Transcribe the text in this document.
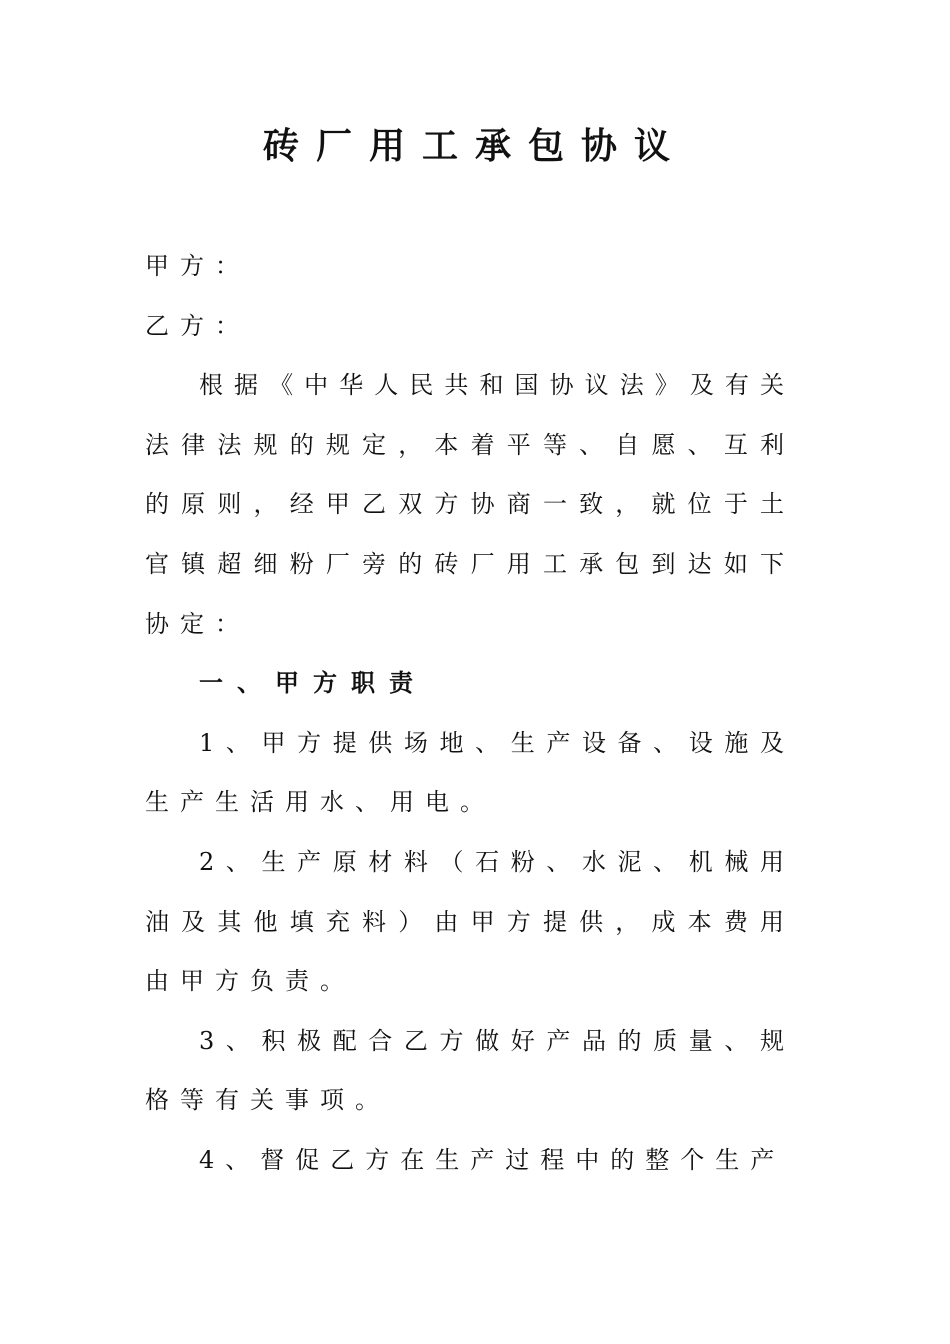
砖厂用工承包协议

甲方：

乙方：

根据《中华人民共和国协议法》及有关法律法规的规定，本着平等、自愿、互利的原则，经甲乙双方协商一致，就位于土官镇超细粉厂旁的砖厂用工承包到达如下协定：

一、甲方职责

1、甲方提供场地、生产设备、设施及生产生活用水、用电。

2、生产原材料（石粉、水泥、机械用油及其他填充料）由甲方提供，成本费用由甲方负责。

3、积极配合乙方做好产品的质量、规格等有关事项。

4、督促乙方在生产过程中的整个生产
